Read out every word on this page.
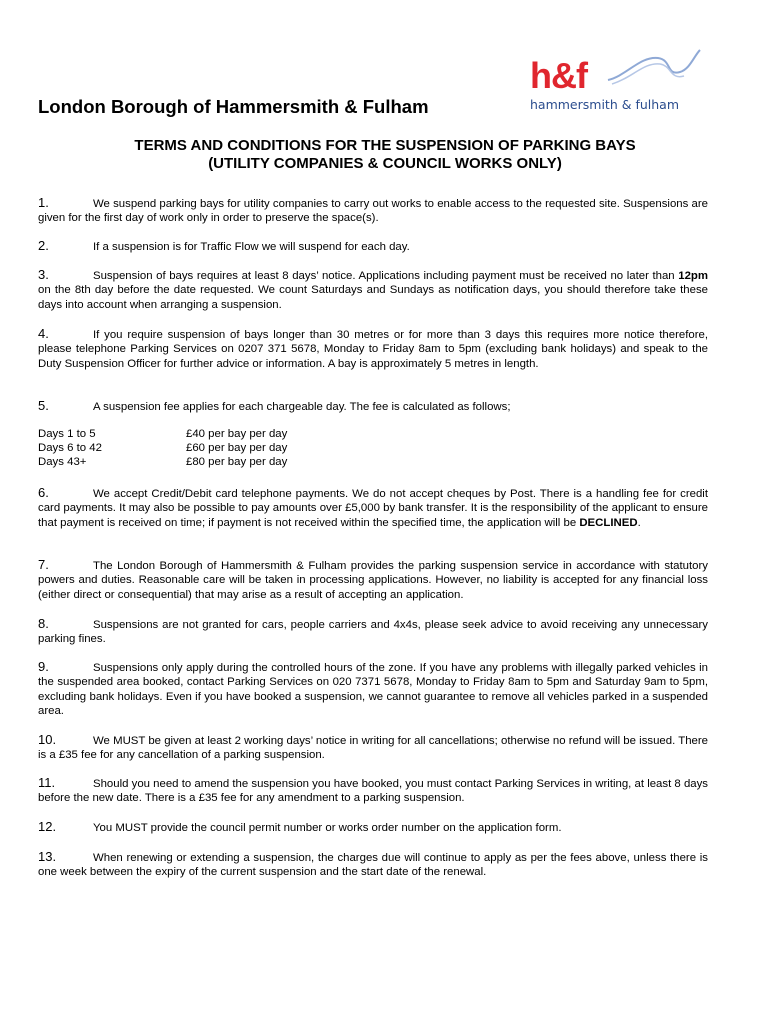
h&f
hammersmith & fulham
London Borough of Hammersmith & Fulham
TERMS AND CONDITIONS FOR THE SUSPENSION OF PARKING BAYS
(UTILITY COMPANIES & COUNCIL WORKS ONLY)
1.	We suspend parking bays for utility companies to carry out works to enable access to the requested site. Suspensions are given for the first day of work only in order to preserve the space(s).
2.	If a suspension is for Traffic Flow we will suspend for each day.
3.	Suspension of bays requires at least 8 days’ notice. Applications including payment must be received no later than 12pm on the 8th day before the date requested. We count Saturdays and Sundays as notification days, you should therefore take these days into account when arranging a suspension.
4.	If you require suspension of bays longer than 30 metres or for more than 3 days this requires more notice therefore, please telephone Parking Services on 0207 371 5678, Monday to Friday 8am to 5pm (excluding bank holidays) and speak to the Duty Suspension Officer for further advice or information. A bay is approximately 5 metres in length.
5.	A suspension fee applies for each chargeable day. The fee is calculated as follows;
Days 1 to 5	£40 per bay per day
Days 6 to 42	£60 per bay per day
Days 43+	£80 per bay per day
6.	We accept Credit/Debit card telephone payments. We do not accept cheques by Post. There is a handling fee for credit card payments. It may also be possible to pay amounts over £5,000 by bank transfer. It is the responsibility of the applicant to ensure that payment is received on time; if payment is not received within the specified time, the application will be DECLINED.
7.	The London Borough of Hammersmith & Fulham provides the parking suspension service in accordance with statutory powers and duties. Reasonable care will be taken in processing applications. However, no liability is accepted for any financial loss (either direct or consequential) that may arise as a result of accepting an application.
8.	Suspensions are not granted for cars, people carriers and 4x4s, please seek advice to avoid receiving any unnecessary parking fines.
9.	Suspensions only apply during the controlled hours of the zone. If you have any problems with illegally parked vehicles in the suspended area booked, contact Parking Services on 020 7371 5678, Monday to Friday 8am to 5pm and Saturday 9am to 5pm, excluding bank holidays. Even if you have booked a suspension, we cannot guarantee to remove all vehicles parked in a suspended area.
10.	We MUST be given at least 2 working days’ notice in writing for all cancellations; otherwise no refund will be issued. There is a £35 fee for any cancellation of a parking suspension.
11.	Should you need to amend the suspension you have booked, you must contact Parking Services in writing, at least 8 days before the new date. There is a £35 fee for any amendment to a parking suspension.
12.	You MUST provide the council permit number or works order number on the application form.
13.	When renewing or extending a suspension, the charges due will continue to apply as per the fees above, unless there is one week between the expiry of the current suspension and the start date of the renewal.
